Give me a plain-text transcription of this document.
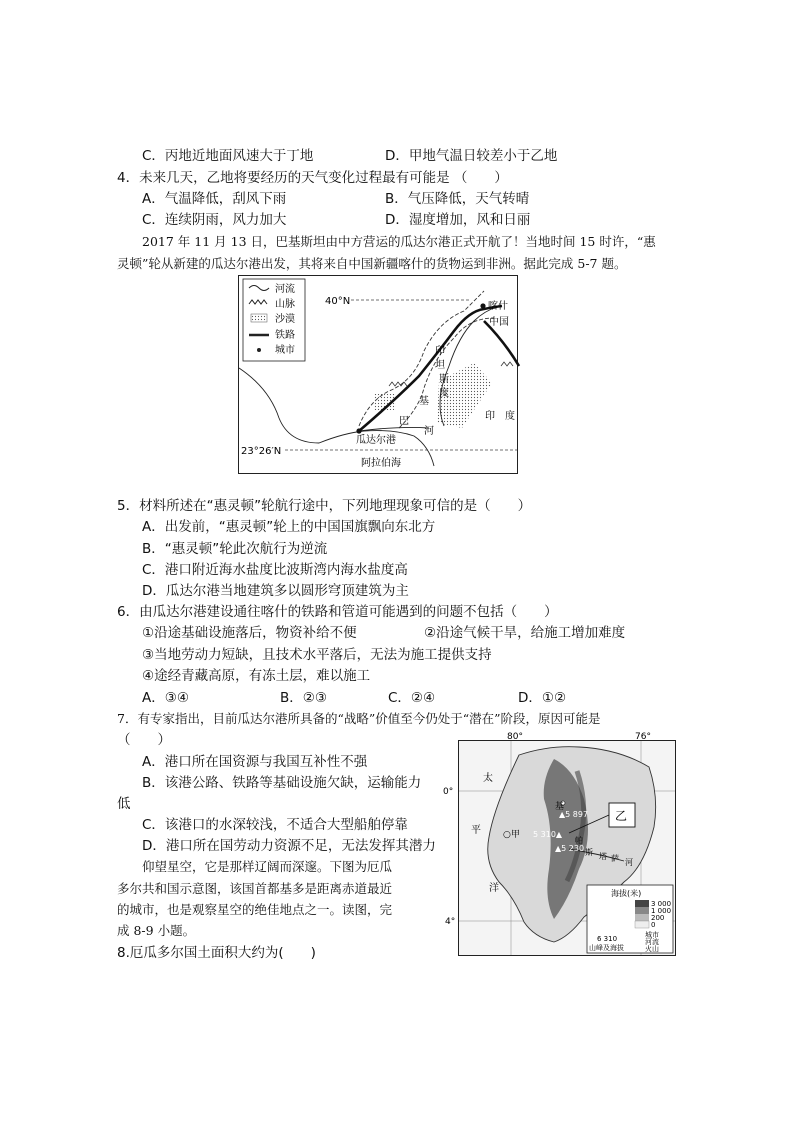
C．丙地近地面风速大于丁地	D．甲地气温日较差小于乙地
4．未来几天，乙地将要经历的天气变化过程最有可能是 （　　）
A．气温降低，刮风下雨	B．气压降低，天气转晴
C．连续阴雨，风力加大	D．湿度增加，风和日丽
2017 年 11 月 13 日，巴基斯坦由中方营运的瓜达尔港正式开航了！当地时间 15 时许，“惠
灵顿”轮从新建的瓜达尔港出发，其将来自中国新疆喀什的货物运到非洲。据此完成 5-7 题。
河流
山脉
沙漠
铁路
城市
40°N
23°26′N
喀什
中国
瓜达尔港
阿拉伯海
印　度
印
坦
斯
度
基
巴
河
5．材料所述在“惠灵顿”轮航行途中，下列地理现象可信的是（　　）
A．出发前，“惠灵顿”轮上的中国国旗飘向东北方
B．“惠灵顿”轮此次航行为逆流
C．港口附近海水盐度比波斯湾内海水盐度高
D．瓜达尔港当地建筑多以圆形穹顶建筑为主
6．由瓜达尔港建设通往喀什的铁路和管道可能遇到的问题不包括（　　）
①沿途基础设施落后，物资补给不便	②沿途气候干旱，给施工增加难度
③当地劳动力短缺，且技术水平落后，无法为施工提供支持
④途经青藏高原，有冻土层，难以施工
A．③④	B．②③	C．②④	D．①②
7．有专家指出，目前瓜达尔港所具备的“战略”价值至今仍处于“潜在”阶段，原因可能是
（　　）
A．港口所在国资源与我国互补性不强
B．该港公路、铁路等基础设施欠缺，运输能力
低
C．该港口的水深较浅，不适合大型船舶停靠
D．港口所在国劳动力资源不足，无法发挥其潜力
仰望星空，它是那样辽阔而深邃。下图为厄瓜
多尔共和国示意图，该国首都基多是距离赤道最近
的城市，也是观察星空的绝佳地点之一。读图，完
成 8-9 小题。
8.厄瓜多尔国土面积大约为(　　)
80°	76°
0°
4°
太
平
洋
▲5 897
5 310▲
▲5 230
基
○甲
帕
斯 塔 萨 河
乙
海拔(米)
3 000
1 000
200
0
6 310
山峰及海拔
城市
河流
火山
